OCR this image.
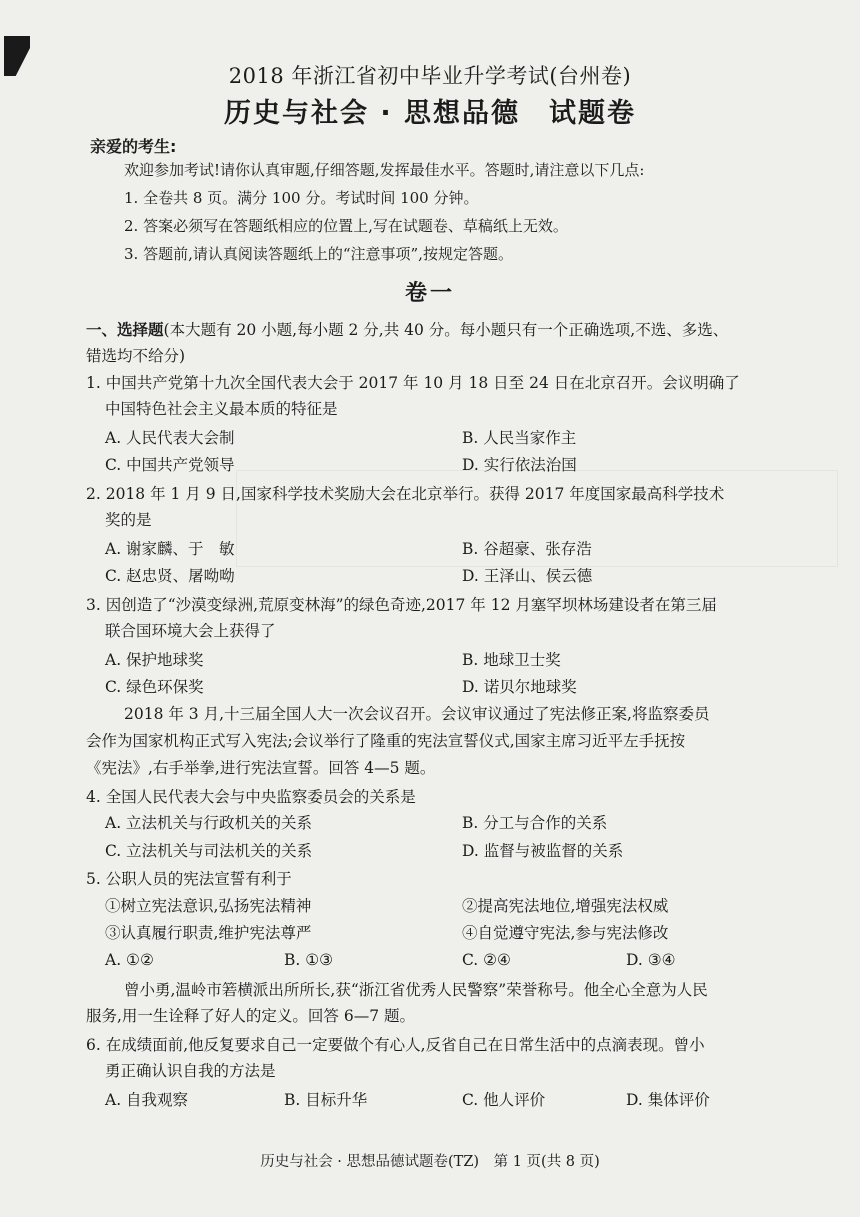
2018 年浙江省初中毕业升学考试(台州卷)
历史与社会 · 思想品德　试题卷
亲爱的考生:
欢迎参加考试!请你认真审题,仔细答题,发挥最佳水平。答题时,请注意以下几点:
1. 全卷共 8 页。满分 100 分。考试时间 100 分钟。
2. 答案必须写在答题纸相应的位置上,写在试题卷、草稿纸上无效。
3. 答题前,请认真阅读答题纸上的“注意事项”,按规定答题。
卷一
一、选择题(本大题有 20 小题,每小题 2 分,共 40 分。每小题只有一个正确选项,不选、多选、
错选均不给分)
1. 中国共产党第十九次全国代表大会于 2017 年 10 月 18 日至 24 日在北京召开。会议明确了
中国特色社会主义最本质的特征是
A. 人民代表大会制	B. 人民当家作主
C. 中国共产党领导	D. 实行依法治国
2. 2018 年 1 月 9 日,国家科学技术奖励大会在北京举行。获得 2017 年度国家最高科学技术
奖的是
A. 谢家麟、于　敏	B. 谷超豪、张存浩
C. 赵忠贤、屠呦呦	D. 王泽山、侯云德
3. 因创造了“沙漠变绿洲,荒原变林海”的绿色奇迹,2017 年 12 月塞罕坝林场建设者在第三届
联合国环境大会上获得了
A. 保护地球奖	B. 地球卫士奖
C. 绿色环保奖	D. 诺贝尔地球奖
2018 年 3 月,十三届全国人大一次会议召开。会议审议通过了宪法修正案,将监察委员
会作为国家机构正式写入宪法;会议举行了隆重的宪法宣誓仪式,国家主席习近平左手抚按
《宪法》,右手举拳,进行宪法宣誓。回答 4—5 题。
4. 全国人民代表大会与中央监察委员会的关系是
A. 立法机关与行政机关的关系	B. 分工与合作的关系
C. 立法机关与司法机关的关系	D. 监督与被监督的关系
5. 公职人员的宪法宣誓有利于
①树立宪法意识,弘扬宪法精神	②提高宪法地位,增强宪法权威
③认真履行职责,维护宪法尊严	④自觉遵守宪法,参与宪法修改
A. ①②	B. ①③	C. ②④	D. ③④
曾小勇,温岭市箬横派出所所长,获“浙江省优秀人民警察”荣誉称号。他全心全意为人民
服务,用一生诠释了好人的定义。回答 6—7 题。
6. 在成绩面前,他反复要求自己一定要做个有心人,反省自己在日常生活中的点滴表现。曾小
勇正确认识自我的方法是
A. 自我观察	B. 目标升华	C. 他人评价	D. 集体评价
历史与社会 · 思想品德试题卷(TZ)　第 1 页(共 8 页)
